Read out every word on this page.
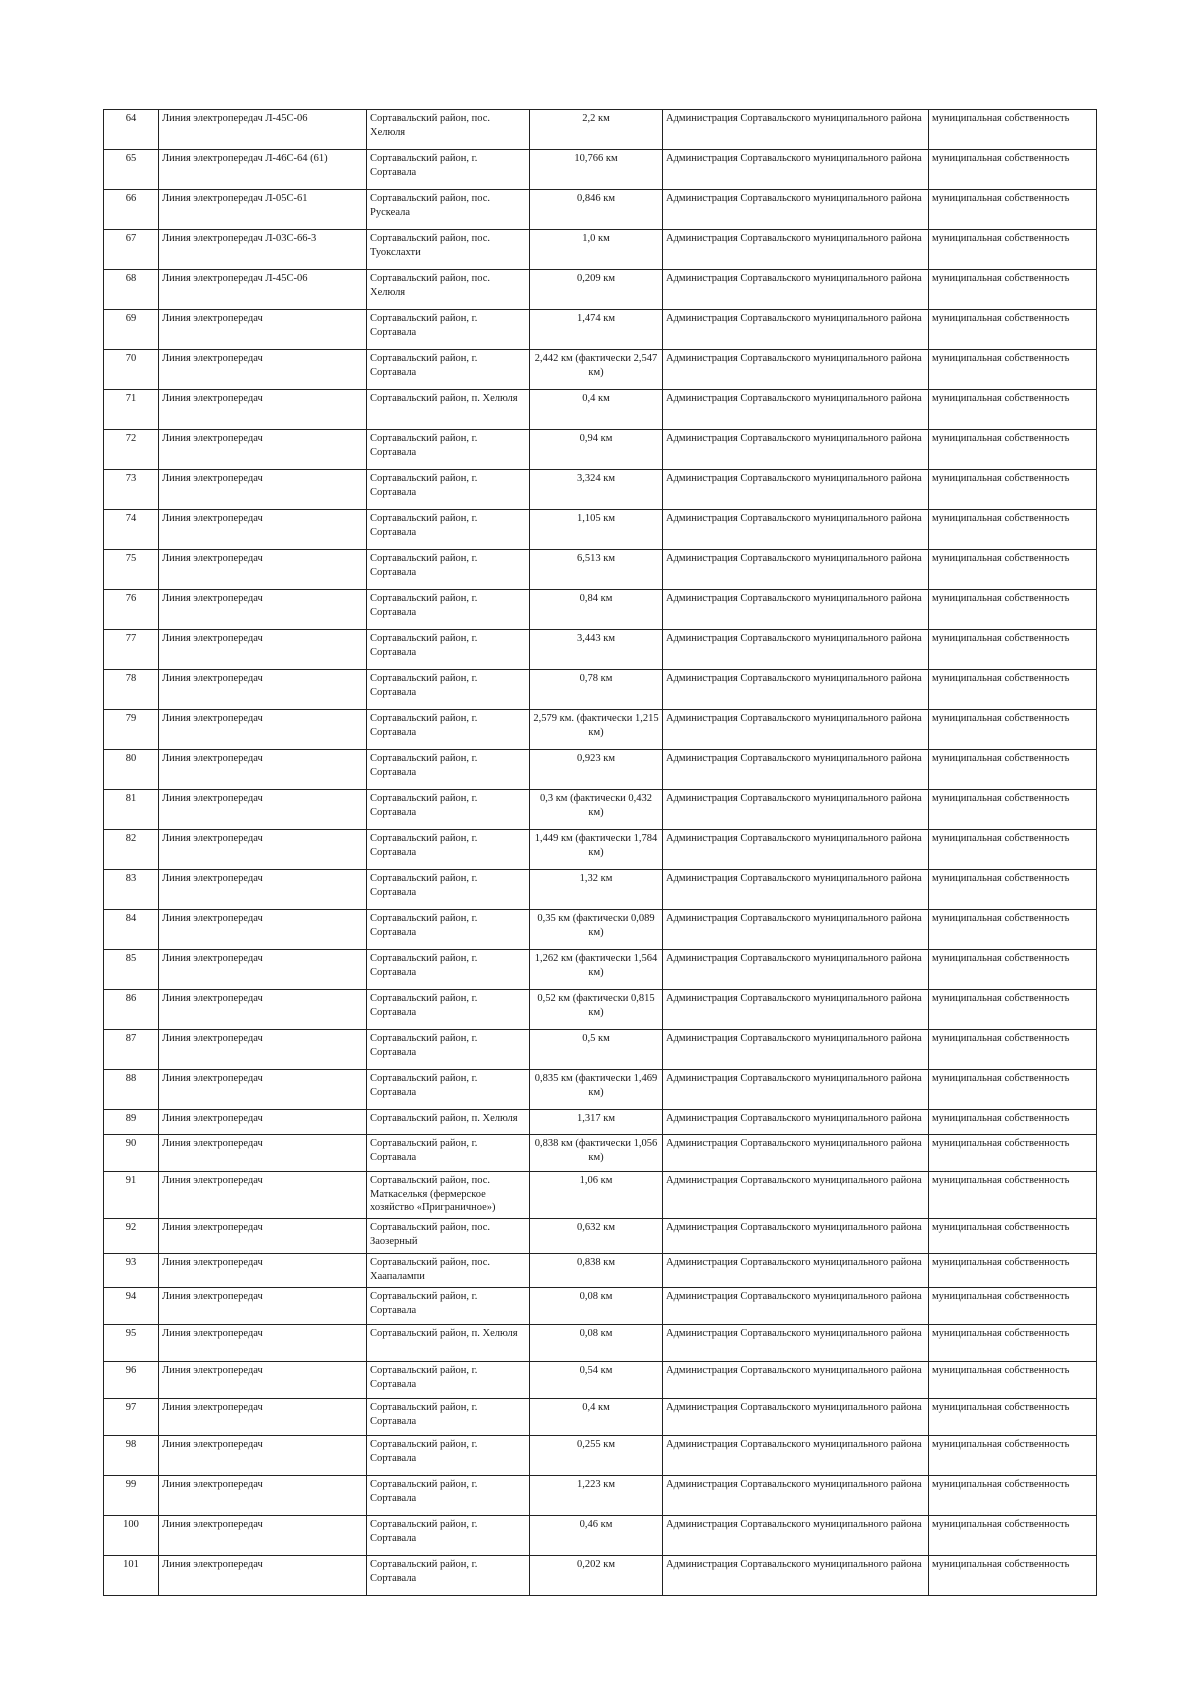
64	Линия электропередач Л-45С-06	Сортавальский район, пос. Хелюля	2,2 км	Администрация Сортавальского муниципального района	муниципальная собственность
65	Линия электропередач Л-46С-64 (61)	Сортавальский район, г. Сортавала	10,766 км	Администрация Сортавальского муниципального района	муниципальная собственность
66	Линия электропередач Л-05С-61	Сортавальский район, пос. Рускеала	0,846 км	Администрация Сортавальского муниципального района	муниципальная собственность
67	Линия электропередач Л-03С-66-3	Сортавальский район, пос. Туокслахти	1,0 км	Администрация Сортавальского муниципального района	муниципальная собственность
68	Линия электропередач Л-45С-06	Сортавальский район, пос. Хелюля	0,209 км	Администрация Сортавальского муниципального района	муниципальная собственность
69	Линия электропередач	Сортавальский район, г. Сортавала	1,474 км	Администрация Сортавальского муниципального района	муниципальная собственность
70	Линия электропередач	Сортавальский район, г. Сортавала	2,442 км (фактически 2,547 км)	Администрация Сортавальского муниципального района	муниципальная собственность
71	Линия электропередач	Сортавальский район, п. Хелюля	0,4 км	Администрация Сортавальского муниципального района	муниципальная собственность
72	Линия электропередач	Сортавальский район, г. Сортавала	0,94 км	Администрация Сортавальского муниципального района	муниципальная собственность
73	Линия электропередач	Сортавальский район, г. Сортавала	3,324 км	Администрация Сортавальского муниципального района	муниципальная собственность
74	Линия электропередач	Сортавальский район, г. Сортавала	1,105 км	Администрация Сортавальского муниципального района	муниципальная собственность
75	Линия электропередач	Сортавальский район, г. Сортавала	6,513 км	Администрация Сортавальского муниципального района	муниципальная собственность
76	Линия электропередач	Сортавальский район, г. Сортавала	0,84 км	Администрация Сортавальского муниципального района	муниципальная собственность
77	Линия электропередач	Сортавальский район, г. Сортавала	3,443 км	Администрация Сортавальского муниципального района	муниципальная собственность
78	Линия электропередач	Сортавальский район, г. Сортавала	0,78 км	Администрация Сортавальского муниципального района	муниципальная собственность
79	Линия электропередач	Сортавальский район, г. Сортавала	2,579 км. (фактически 1,215 км)	Администрация Сортавальского муниципального района	муниципальная собственность
80	Линия электропередач	Сортавальский район, г. Сортавала	0,923 км	Администрация Сортавальского муниципального района	муниципальная собственность
81	Линия электропередач	Сортавальский район, г. Сортавала	0,3 км (фактически 0,432 км)	Администрация Сортавальского муниципального района	муниципальная собственность
82	Линия электропередач	Сортавальский район, г. Сортавала	1,449 км (фактически 1,784 км)	Администрация Сортавальского муниципального района	муниципальная собственность
83	Линия электропередач	Сортавальский район, г. Сортавала	1,32 км	Администрация Сортавальского муниципального района	муниципальная собственность
84	Линия электропередач	Сортавальский район, г. Сортавала	0,35 км (фактически 0,089 км)	Администрация Сортавальского муниципального района	муниципальная собственность
85	Линия электропередач	Сортавальский район, г. Сортавала	1,262 км (фактически 1,564 км)	Администрация Сортавальского муниципального района	муниципальная собственность
86	Линия электропередач	Сортавальский район, г. Сортавала	0,52 км (фактически 0,815 км)	Администрация Сортавальского муниципального района	муниципальная собственность
87	Линия электропередач	Сортавальский район, г. Сортавала	0,5 км	Администрация Сортавальского муниципального района	муниципальная собственность
88	Линия электропередач	Сортавальский район, г. Сортавала	0,835 км (фактически 1,469 км)	Администрация Сортавальского муниципального района	муниципальная собственность
89	Линия электропередач	Сортавальский район, п. Хелюля	1,317 км	Администрация Сортавальского муниципального района	муниципальная собственность
90	Линия электропередач	Сортавальский район, г. Сортавала	0,838 км (фактически 1,056 км)	Администрация Сортавальского муниципального района	муниципальная собственность
91	Линия электропередач	Сортавальский район, пос. Маткаселькя (фермерское хозяйство «Приграничное»)	1,06 км	Администрация Сортавальского муниципального района	муниципальная собственность
92	Линия электропередач	Сортавальский район, пос. Заозерный	0,632 км	Администрация Сортавальского муниципального района	муниципальная собственность
93	Линия электропередач	Сортавальский район, пос. Хаапалампи	0,838 км	Администрация Сортавальского муниципального района	муниципальная собственность
94	Линия электропередач	Сортавальский район, г. Сортавала	0,08 км	Администрация Сортавальского муниципального района	муниципальная собственность
95	Линия электропередач	Сортавальский район, п. Хелюля	0,08 км	Администрация Сортавальского муниципального района	муниципальная собственность
96	Линия электропередач	Сортавальский район, г. Сортавала	0,54 км	Администрация Сортавальского муниципального района	муниципальная собственность
97	Линия электропередач	Сортавальский район, г. Сортавала	0,4 км	Администрация Сортавальского муниципального района	муниципальная собственность
98	Линия электропередач	Сортавальский район, г. Сортавала	0,255 км	Администрация Сортавальского муниципального района	муниципальная собственность
99	Линия электропередач	Сортавальский район, г. Сортавала	1,223 км	Администрация Сортавальского муниципального района	муниципальная собственность
100	Линия электропередач	Сортавальский район, г. Сортавала	0,46 км	Администрация Сортавальского муниципального района	муниципальная собственность
101	Линия электропередач	Сортавальский район, г. Сортавала	0,202 км	Администрация Сортавальского муниципального района	муниципальная собственность
